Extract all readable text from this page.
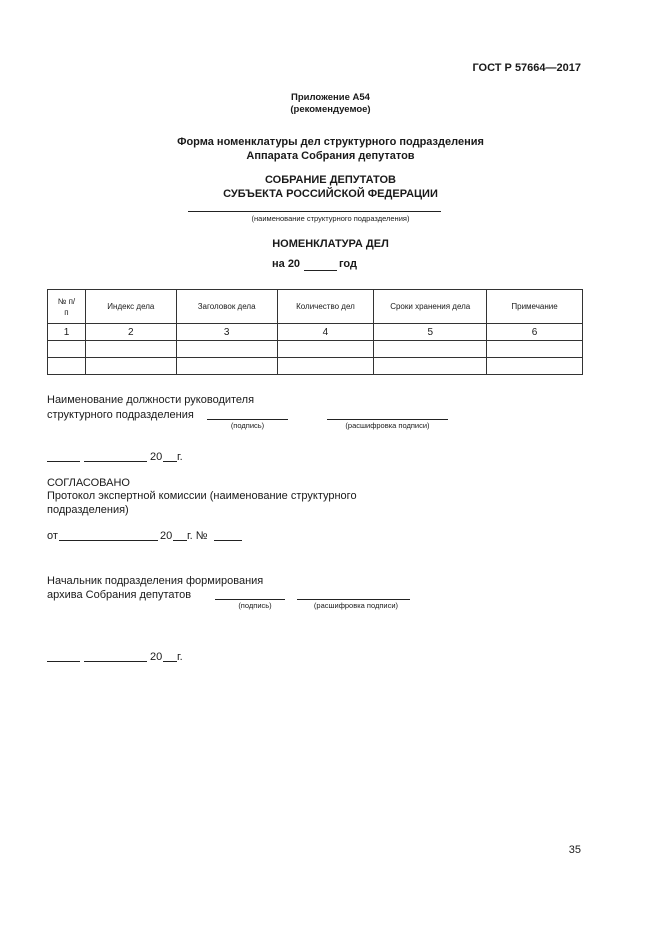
ГОСТ Р 57664—2017
Приложение А54
(рекомендуемое)
Форма номенклатуры дел структурного подразделения
Аппарата Собрания депутатов
СОБРАНИЕ ДЕПУТАТОВ
СУБЪЕКТА РОССИЙСКОЙ ФЕДЕРАЦИИ
(наименование структурного подразделения)
НОМЕНКЛАТУРА ДЕЛ
на 20	год
№ п/п	Индекс дела	Заголовок дела	Количество дел	Сроки хранения дела	Примечание
1	2	3	4	5	6

Наименование должности руководителя
структурного подразделения
(подпись)	(расшифровка подписи)
20 г.
СОГЛАСОВАНО
Протокол экспертной комиссии (наименование структурного
подразделения)
от	20 г. №
Начальник подразделения формирования
архива Собрания депутатов
(подпись)	(расшифровка подписи)
20 г.
35
